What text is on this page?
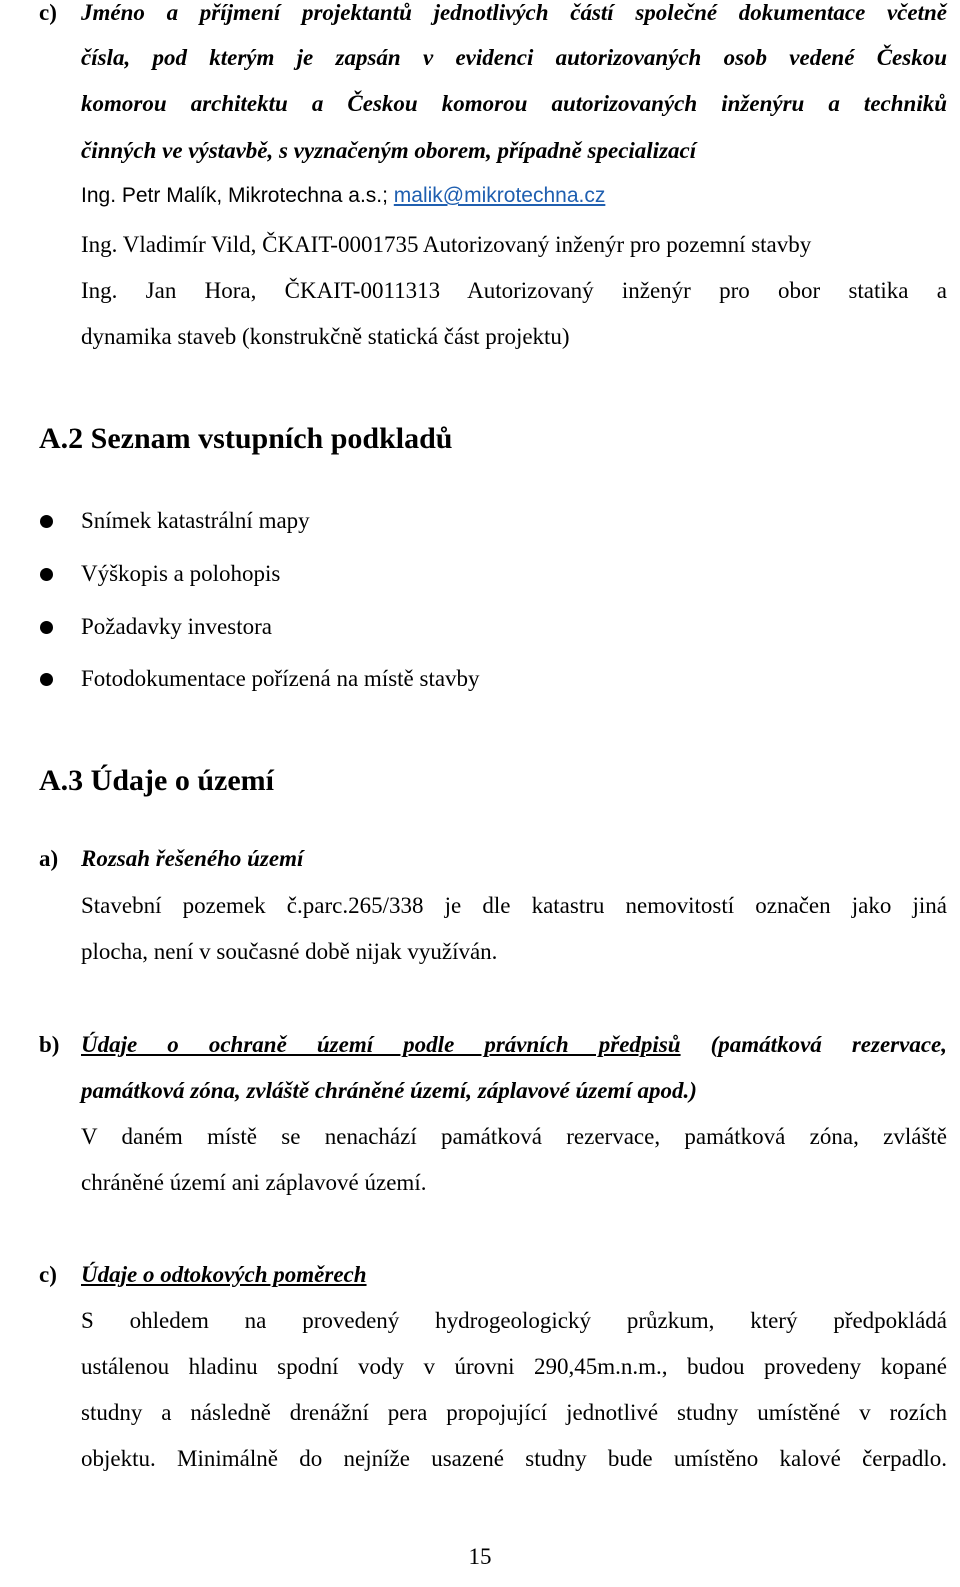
c) Jméno a příjmení projektantů jednotlivých částí společné dokumentace včetně
čísla, pod kterým je zapsán v evidenci autorizovaných osob vedené Českou
komorou architektu a Českou komorou autorizovaných inženýru a techniků
činných ve výstavbě, s vyznačeným oborem, případně specializací
Ing. Petr Malík, Mikrotechna a.s.; malik@mikrotechna.cz
Ing. Vladimír Vild, ČKAIT-0001735 Autorizovaný inženýr pro pozemní stavby
Ing. Jan Hora, ČKAIT-0011313 Autorizovaný inženýr pro obor statika a
dynamika staveb (konstrukčně statická část projektu)
A.2 Seznam vstupních podkladů
Snímek katastrální mapy
Výškopis a polohopis
Požadavky investora
Fotodokumentace pořízená na místě stavby
A.3 Údaje o území
a) Rozsah řešeného území
Stavební pozemek č.parc.265/338 je dle katastru nemovitostí označen jako jiná
plocha, není v současné době nijak využíván.
b) Údaje o ochraně území podle právních předpisů (památková rezervace,
památková zóna, zvláště chráněné území, záplavové území apod.)
V daném místě se nenachází památková rezervace, památková zóna, zvláště
chráněné území ani záplavové území.
c) Údaje o odtokových poměrech
S ohledem na provedený hydrogeologický průzkum, který předpokládá
ustálenou hladinu spodní vody v úrovni 290,45m.n.m., budou provedeny kopané
studny a následně drenážní pera propojující jednotlivé studny umístěné v rozích
objektu. Minimálně do nejníže usazené studny bude umístěno kalové čerpadlo.
15
